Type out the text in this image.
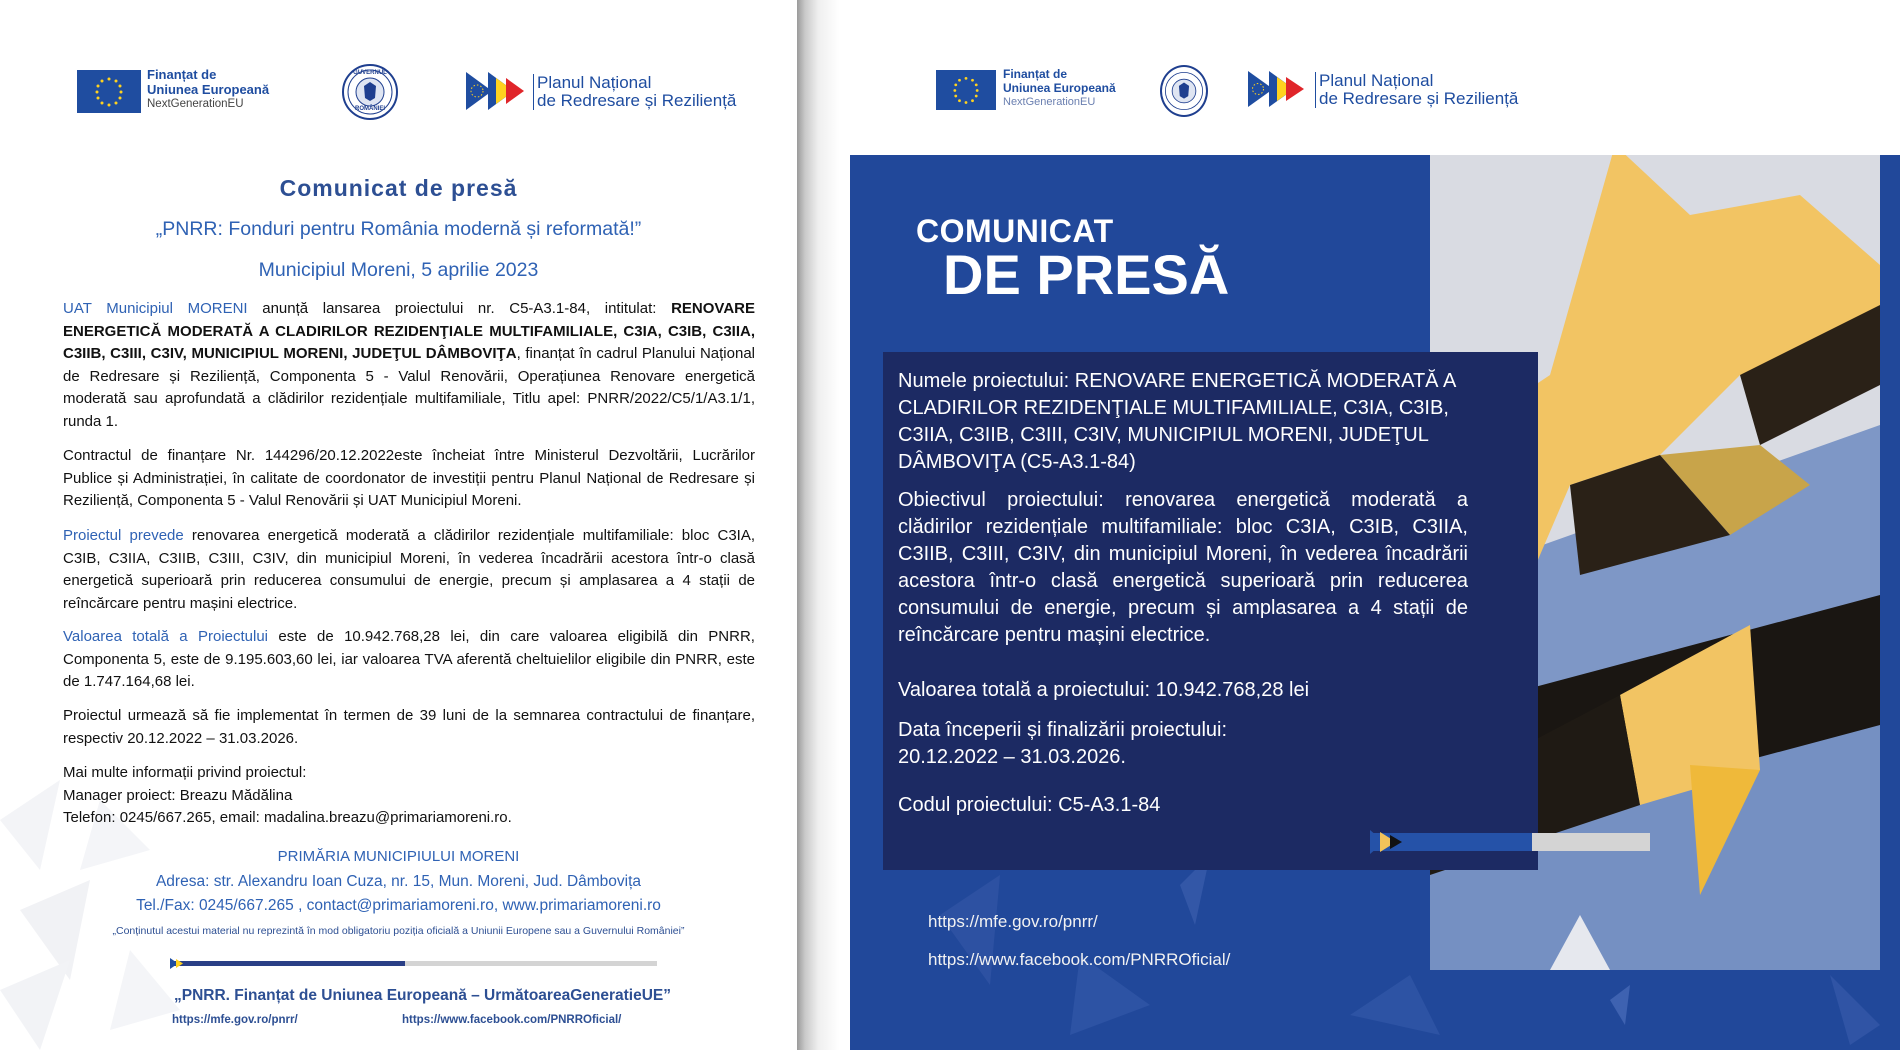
Finanțat de
Uniunea Europeană
NextGenerationEU
GUVERNUL
ROMÂNIEI
Planul Național
de Redresare și Reziliență
Comunicat de presă
„PNRR: Fonduri pentru România modernă și reformată!”
Municipiul Moreni, 5 aprilie 2023
UAT Municipiul MORENI anunță lansarea proiectului nr. C5-A3.1-84, intitulat: RENOVARE ENERGETICĂ MODERATĂ A CLADIRILOR REZIDENŢIALE MULTIFAMILIALE, C3IA, C3IB, C3IIA, C3IIB, C3III, C3IV, MUNICIPIUL MORENI, JUDEŢUL DÂMBOVIŢA, finanțat în cadrul Planului Național de Redresare și Reziliență, Componenta 5 - Valul Renovării, Operațiunea Renovare energetică moderată sau aprofundată a clădirilor rezidențiale multifamiliale, Titlu apel: PNRR/2022/C5/1/A3.1/1, runda 1.
Contractul de finanțare Nr. 144296/20.12.2022este încheiat între Ministerul Dezvoltării, Lucrărilor Publice și Administrației, în calitate de coordonator de investiții pentru Planul Național de Redresare și Reziliență, Componenta 5 - Valul Renovării și UAT Municipiul Moreni.
Proiectul prevede renovarea energetică moderată a clădirilor rezidențiale multifamiliale: bloc C3IA, C3IB, C3IIA, C3IIB, C3III, C3IV, din municipiul Moreni, în vederea încadrării acestora într-o clasă energetică superioară prin reducerea consumului de energie, precum și amplasarea a 4 stații de reîncărcare pentru mașini electrice.
Valoarea totală a Proiectului este de 10.942.768,28 lei, din care valoarea eligibilă din PNRR, Componenta 5, este de 9.195.603,60 lei, iar valoarea TVA aferentă cheltuielilor eligibile din PNRR, este de 1.747.164,68 lei.
Proiectul urmează să fie implementat în termen de 39 luni de la semnarea contractului de finanțare, respectiv 20.12.2022 – 31.03.2026.
Mai multe informații privind proiectul:
Manager proiect: Breazu Mădălina
Telefon: 0245/667.265, email: madalina.breazu@primariamoreni.ro.
PRIMĂRIA MUNICIPIULUI MORENI
Adresa: str. Alexandru Ioan Cuza, nr. 15, Mun. Moreni, Jud. Dâmbovița
Tel./Fax: 0245/667.265 , contact@primariamoreni.ro, www.primariamoreni.ro
„Conținutul acestui material nu reprezintă în mod obligatoriu poziția oficială a Uniunii Europene sau a Guvernului României”
„PNRR. Finanțat de Uniunea Europeană – UrmătoareaGeneratieUE”
https://mfe.gov.ro/pnrr/	https://www.facebook.com/PNRROficial/
Finanțat de
Uniunea Europeană
NextGenerationEU
Planul Național
de Redresare și Reziliență
COMUNICAT
DE PRESĂ
Numele proiectului: RENOVARE ENERGETICĂ MODERATĂ A CLADIRILOR REZIDENŢIALE MULTIFAMILIALE, C3IA, C3IB, C3IIA, C3IIB, C3III, C3IV, MUNICIPIUL MORENI, JUDEŢUL DÂMBOVIŢA (C5-A3.1-84)
Obiectivul proiectului: renovarea energetică moderată a clădirilor rezidențiale multifamiliale: bloc C3IA, C3IB, C3IIA, C3IIB, C3III, C3IV, din municipiul Moreni, în vederea încadrării acestora într-o clasă energetică superioară prin reducerea consumului de energie, precum și amplasarea a 4 stații de reîncărcare pentru mașini electrice.
Valoarea totală a proiectului: 10.942.768,28 lei
Data începerii și finalizării proiectului:
20.12.2022 – 31.03.2026.
Codul proiectului: C5-A3.1-84
https://mfe.gov.ro/pnrr/
https://www.facebook.com/PNRROficial/
